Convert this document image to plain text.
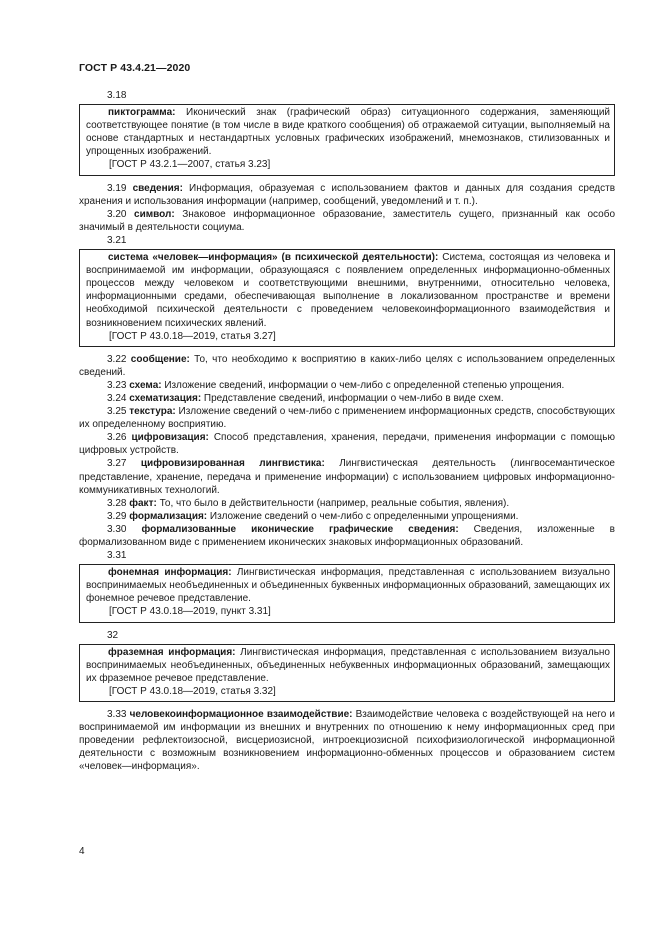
ГОСТ Р 43.4.21—2020
3.18

пиктограмма: Иконический знак (графический образ) ситуационного содержания, заменяющий соответствующее понятие (в том числе в виде краткого сообщения) об отражаемой ситуации, выполняемый на основе стандартных и нестандартных условных графических изображений, мнемознаков, стилизованных и упрощенных изображений.

[ГОСТ Р 43.2.1—2007, статья 3.23]

3.19 сведения: Информация, образуемая с использованием фактов и данных для создания средств хранения и использования информации (например, сообщений, уведомлений и т. п.).

3.20 символ: Знаковое информационное образование, заместитель сущего, признанный как особо значимый в деятельности социума.

3.21

система «человек—информация» (в психической деятельности): Система, состоящая из человека и воспринимаемой им информации, образующаяся с появлением определенных информационно-обменных процессов между человеком и соответствующими внешними, внутренними, относительно человека, информационными средами, обеспечивающая выполнение в локализованном пространстве и времени необходимой психической деятельности с проведением человекоинформационного взаимодействия и возникновением психических явлений.

[ГОСТ Р 43.0.18—2019, статья 3.27]

3.22 сообщение: То, что необходимо к восприятию в каких-либо целях с использованием определенных сведений.

3.23 схема: Изложение сведений, информации о чем-либо с определенной степенью упрощения.

3.24 схематизация: Представление сведений, информации о чем-либо в виде схем.

3.25 текстура: Изложение сведений о чем-либо с применением информационных средств, способствующих их определенному восприятию.

3.26 цифровизация: Способ представления, хранения, передачи, применения информации с помощью цифровых устройств.

3.27 цифровизированная лингвистика: Лингвистическая деятельность (лингвосемантическое представление, хранение, передача и применение информации) с использованием цифровых информационно-коммуникативных технологий.

3.28 факт: То, что было в действительности (например, реальные события, явления).

3.29 формализация: Изложение сведений о чем-либо с определенными упрощениями.

3.30 формализованные иконические графические сведения: Сведения, изложенные в формализованном виде с применением иконических знаковых информационных образований.

3.31

фонемная информация: Лингвистическая информация, представленная с использованием визуально воспринимаемых необъединенных и объединенных буквенных информационных образований, замещающих их фонемное речевое представление.

[ГОСТ Р 43.0.18—2019, пункт 3.31]

32

фраземная информация: Лингвистическая информация, представленная с использованием визуально воспринимаемых необъединенных, объединенных небуквенных информационных образований, замещающих их фраземное речевое представление.

[ГОСТ Р 43.0.18—2019, статья 3.32]

3.33 человекоинформационное взаимодействие: Взаимодействие человека с воздействующей на него и воспринимаемой им информации из внешних и внутренних по отношению к нему информационных сред при проведении рефлектоизосной, висцериозисной, интроекциозисной психофизиологической информационной деятельности с возможным возникновением информационно-обменных процессов и образованием систем «человек—информация».

4
